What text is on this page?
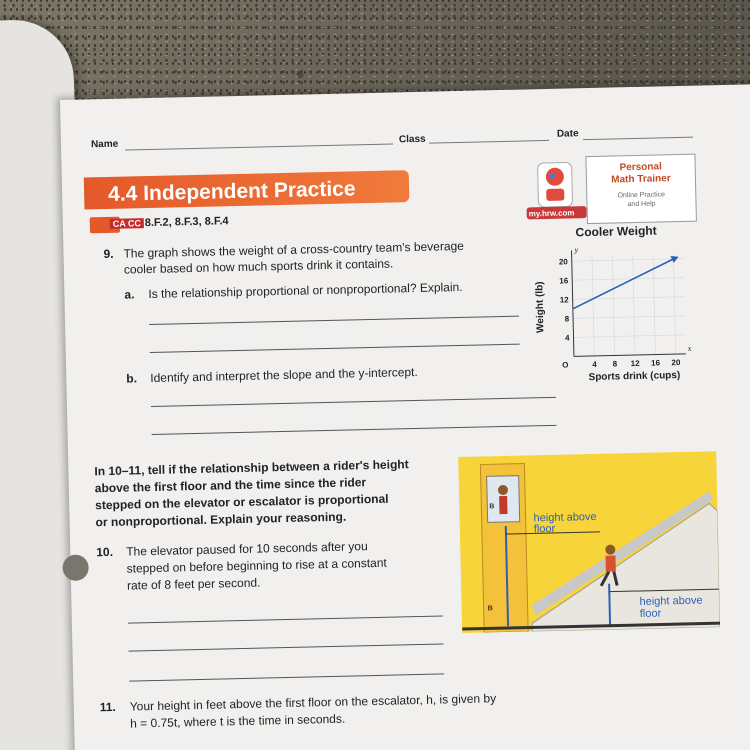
Name	Class	Date
4.4 Independent Practice
CA CC 8.F.2, 8.F.3, 8.F.4
my.hrw.com
Personal
Math Trainer
Online Practice
and Help
9. The graph shows the weight of a cross-country team's beverage
cooler based on how much sports drink it contains.
a. Is the relationship proportional or nonproportional? Explain.
b. Identify and interpret the slope and the y-intercept.
Cooler Weight
Weight (lb)
Sports drink (cups)
4 8 12 16 20
4
8
12
16
20
O
x
y
In 10–11, tell if the relationship between a rider's height
above the first floor and the time since the rider
stepped on the elevator or escalator is proportional
or nonproportional. Explain your reasoning.
10. The elevator paused for 10 seconds after you
stepped on before beginning to rise at a constant
rate of 8 feet per second.
B
B
height above
floor
height above
floor
11. Your height in feet above the first floor on the escalator, h, is given by
h = 0.75t, where t is the time in seconds.
